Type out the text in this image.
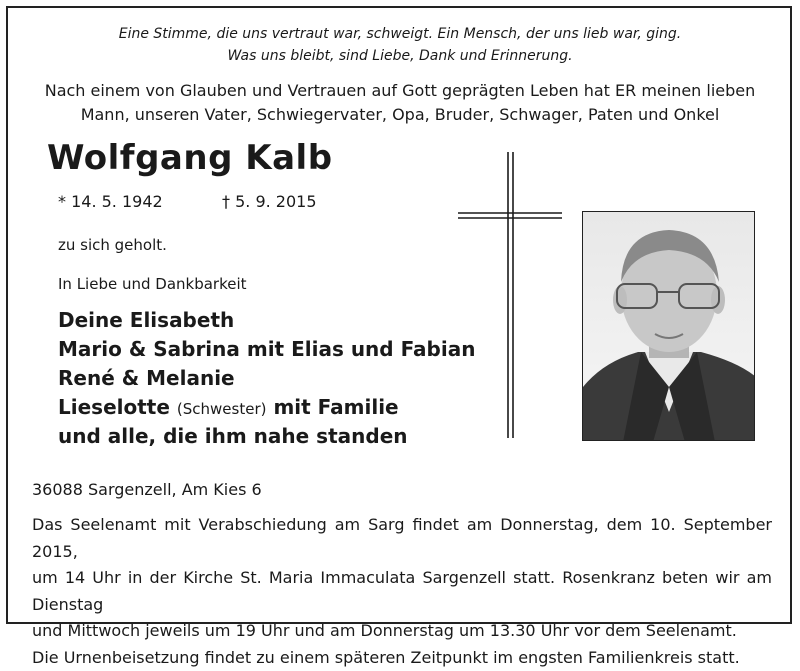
Eine Stimme, die uns vertraut war, schweigt. Ein Mensch, der uns lieb war, ging.
Was uns bleibt, sind Liebe, Dank und Erinnerung.
Nach einem von Glauben und Vertrauen auf Gott geprägten Leben hat ER meinen lieben
Mann, unseren Vater, Schwiegervater, Opa, Bruder, Schwager, Paten und Onkel
Wolfgang Kalb
* 14. 5. 1942	† 5. 9. 2015
zu sich geholt.
In Liebe und Dankbarkeit
Deine Elisabeth
Mario & Sabrina mit Elias und Fabian
René & Melanie
Lieselotte (Schwester) mit Familie
und alle, die ihm nahe standen
36088 Sargenzell, Am Kies 6
Das Seelenamt mit Verabschiedung am Sarg findet am Donnerstag, dem 10. September 2015,
um 14 Uhr in der Kirche St. Maria Immaculata Sargenzell statt. Rosenkranz beten wir am Dienstag
und Mittwoch jeweils um 19 Uhr und am Donnerstag um 13.30 Uhr vor dem Seelenamt.
Die Urnenbeisetzung findet zu einem späteren Zeitpunkt im engsten Familienkreis statt.
